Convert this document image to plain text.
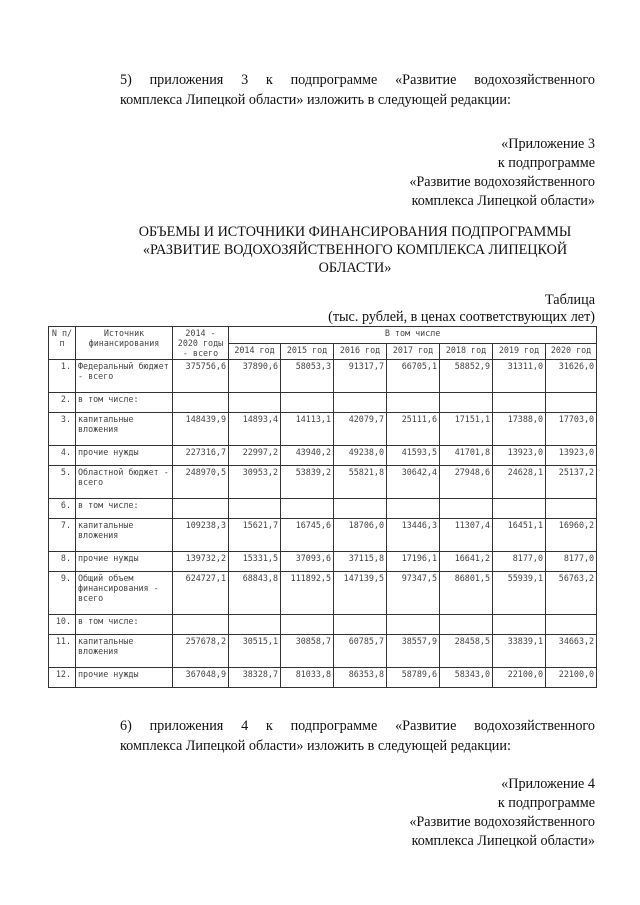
5) приложения 3 к подпрограмме «Развитие водохозяйственного
комплекса Липецкой области» изложить в следующей редакции:
«Приложение 3
к подпрограмме
«Развитие водохозяйственного
комплекса Липецкой области»
ОБЪЕМЫ И ИСТОЧНИКИ ФИНАНСИРОВАНИЯ ПОДПРОГРАММЫ
«РАЗВИТИЕ ВОДОХОЗЯЙСТВЕННОГО КОМПЛЕКСА ЛИПЕЦКОЙ
ОБЛАСТИ»
Таблица
(тыс. рублей, в ценах соответствующих лет)
N п/п	Источник финансирования	2014 - 2020 годы - всего	В том числе						
			2014 год	2015 год	2016 год	2017 год	2018 год	2019 год	2020 год
1.	Федеральный бюджет - всего	375756,6	37890,6	58053,3	91317,7	66705,1	58852,9	31311,0	31626,0
2.	в том числе:								
3.	капитальные вложения	148439,9	14893,4	14113,1	42079,7	25111,6	17151,1	17388,0	17703,0
4.	прочие нужды	227316,7	22997,2	43940,2	49238,0	41593,5	41701,8	13923,0	13923,0
5.	Областной бюджет - всего	248970,5	30953,2	53839,2	55821,8	30642,4	27948,6	24628,1	25137,2
6.	в том числе:								
7.	капитальные вложения	109238,3	15621,7	16745,6	18706,0	13446,3	11307,4	16451,1	16960,2
8.	прочие нужды	139732,2	15331,5	37093,6	37115,8	17196,1	16641,2	8177,0	8177,0
9.	Общий объем финансирования - всего	624727,1	68843,8	111892,5	147139,5	97347,5	86801,5	55939,1	56763,2
10.	в том числе:								
11.	капитальные вложения	257678,2	30515,1	30858,7	60785,7	38557,9	28458,5	33839,1	34663,2
12.	прочие нужды	367048,9	38328,7	81033,8	86353,8	58789,6	58343,0	22100,0	22100,0
6) приложения 4 к подпрограмме «Развитие водохозяйственного
комплекса Липецкой области» изложить в следующей редакции:
«Приложение 4
к подпрограмме
«Развитие водохозяйственного
комплекса Липецкой области»
